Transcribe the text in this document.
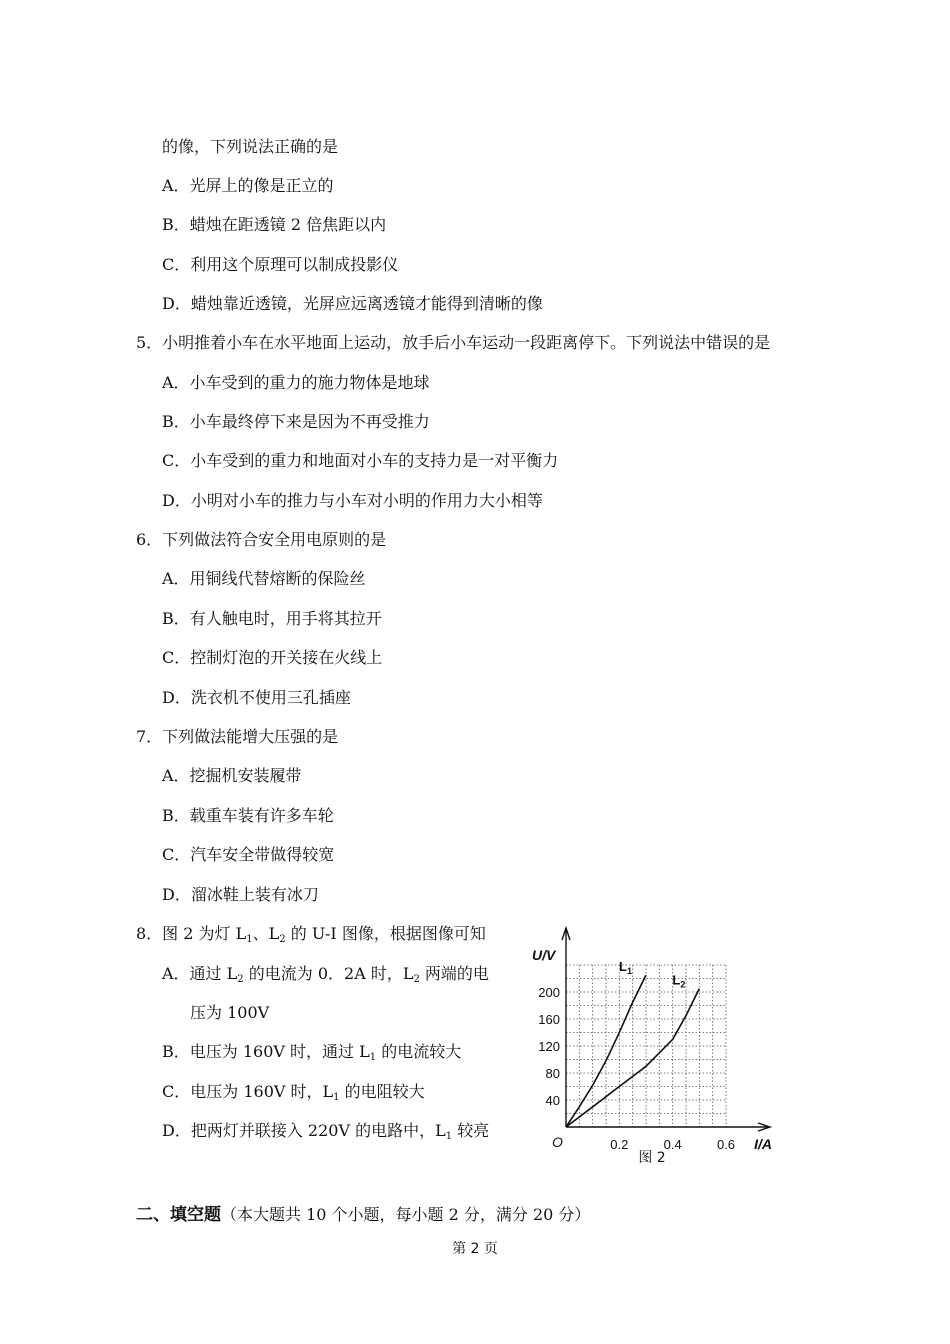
的像，下列说法正确的是
A．光屏上的像是正立的
B．蜡烛在距透镜 2 倍焦距以内
C．利用这个原理可以制成投影仪
D．蜡烛靠近透镜，光屏应远离透镜才能得到清晰的像
5．小明推着小车在水平地面上运动，放手后小车运动一段距离停下。下列说法中错误的是
A．小车受到的重力的施力物体是地球
B．小车最终停下来是因为不再受推力
C．小车受到的重力和地面对小车的支持力是一对平衡力
D．小明对小车的推力与小车对小明的作用力大小相等
6．下列做法符合安全用电原则的是
A．用铜线代替熔断的保险丝
B．有人触电时，用手将其拉开
C．控制灯泡的开关接在火线上
D．洗衣机不使用三孔插座
7．下列做法能增大压强的是
A．挖掘机安装履带
B．载重车装有许多车轮
C．汽车安全带做得较宽
D．溜冰鞋上装有冰刀
8．图 2 为灯 $L_1$、$L_2$ 的 U-I 图像，根据图像可知
A．通过 $L_2$ 的电流为 0．2A 时，$L_2$ 两端的电
压为 100V
B．电压为 160V 时，通过 $L_1$ 的电流较大
C．电压为 160V 时，$L_1$ 的电阻较大
D．把两灯并联接入 220V 的电路中，$L_1$ 较亮
40
80
120
160
200
0.2	0.4	0.6
$L_1$
$L_2$
U/V
I/A
O
图 2
二、填空题（本大题共 10 个小题，每小题 2 分，满分 20 分）
第 2 页
